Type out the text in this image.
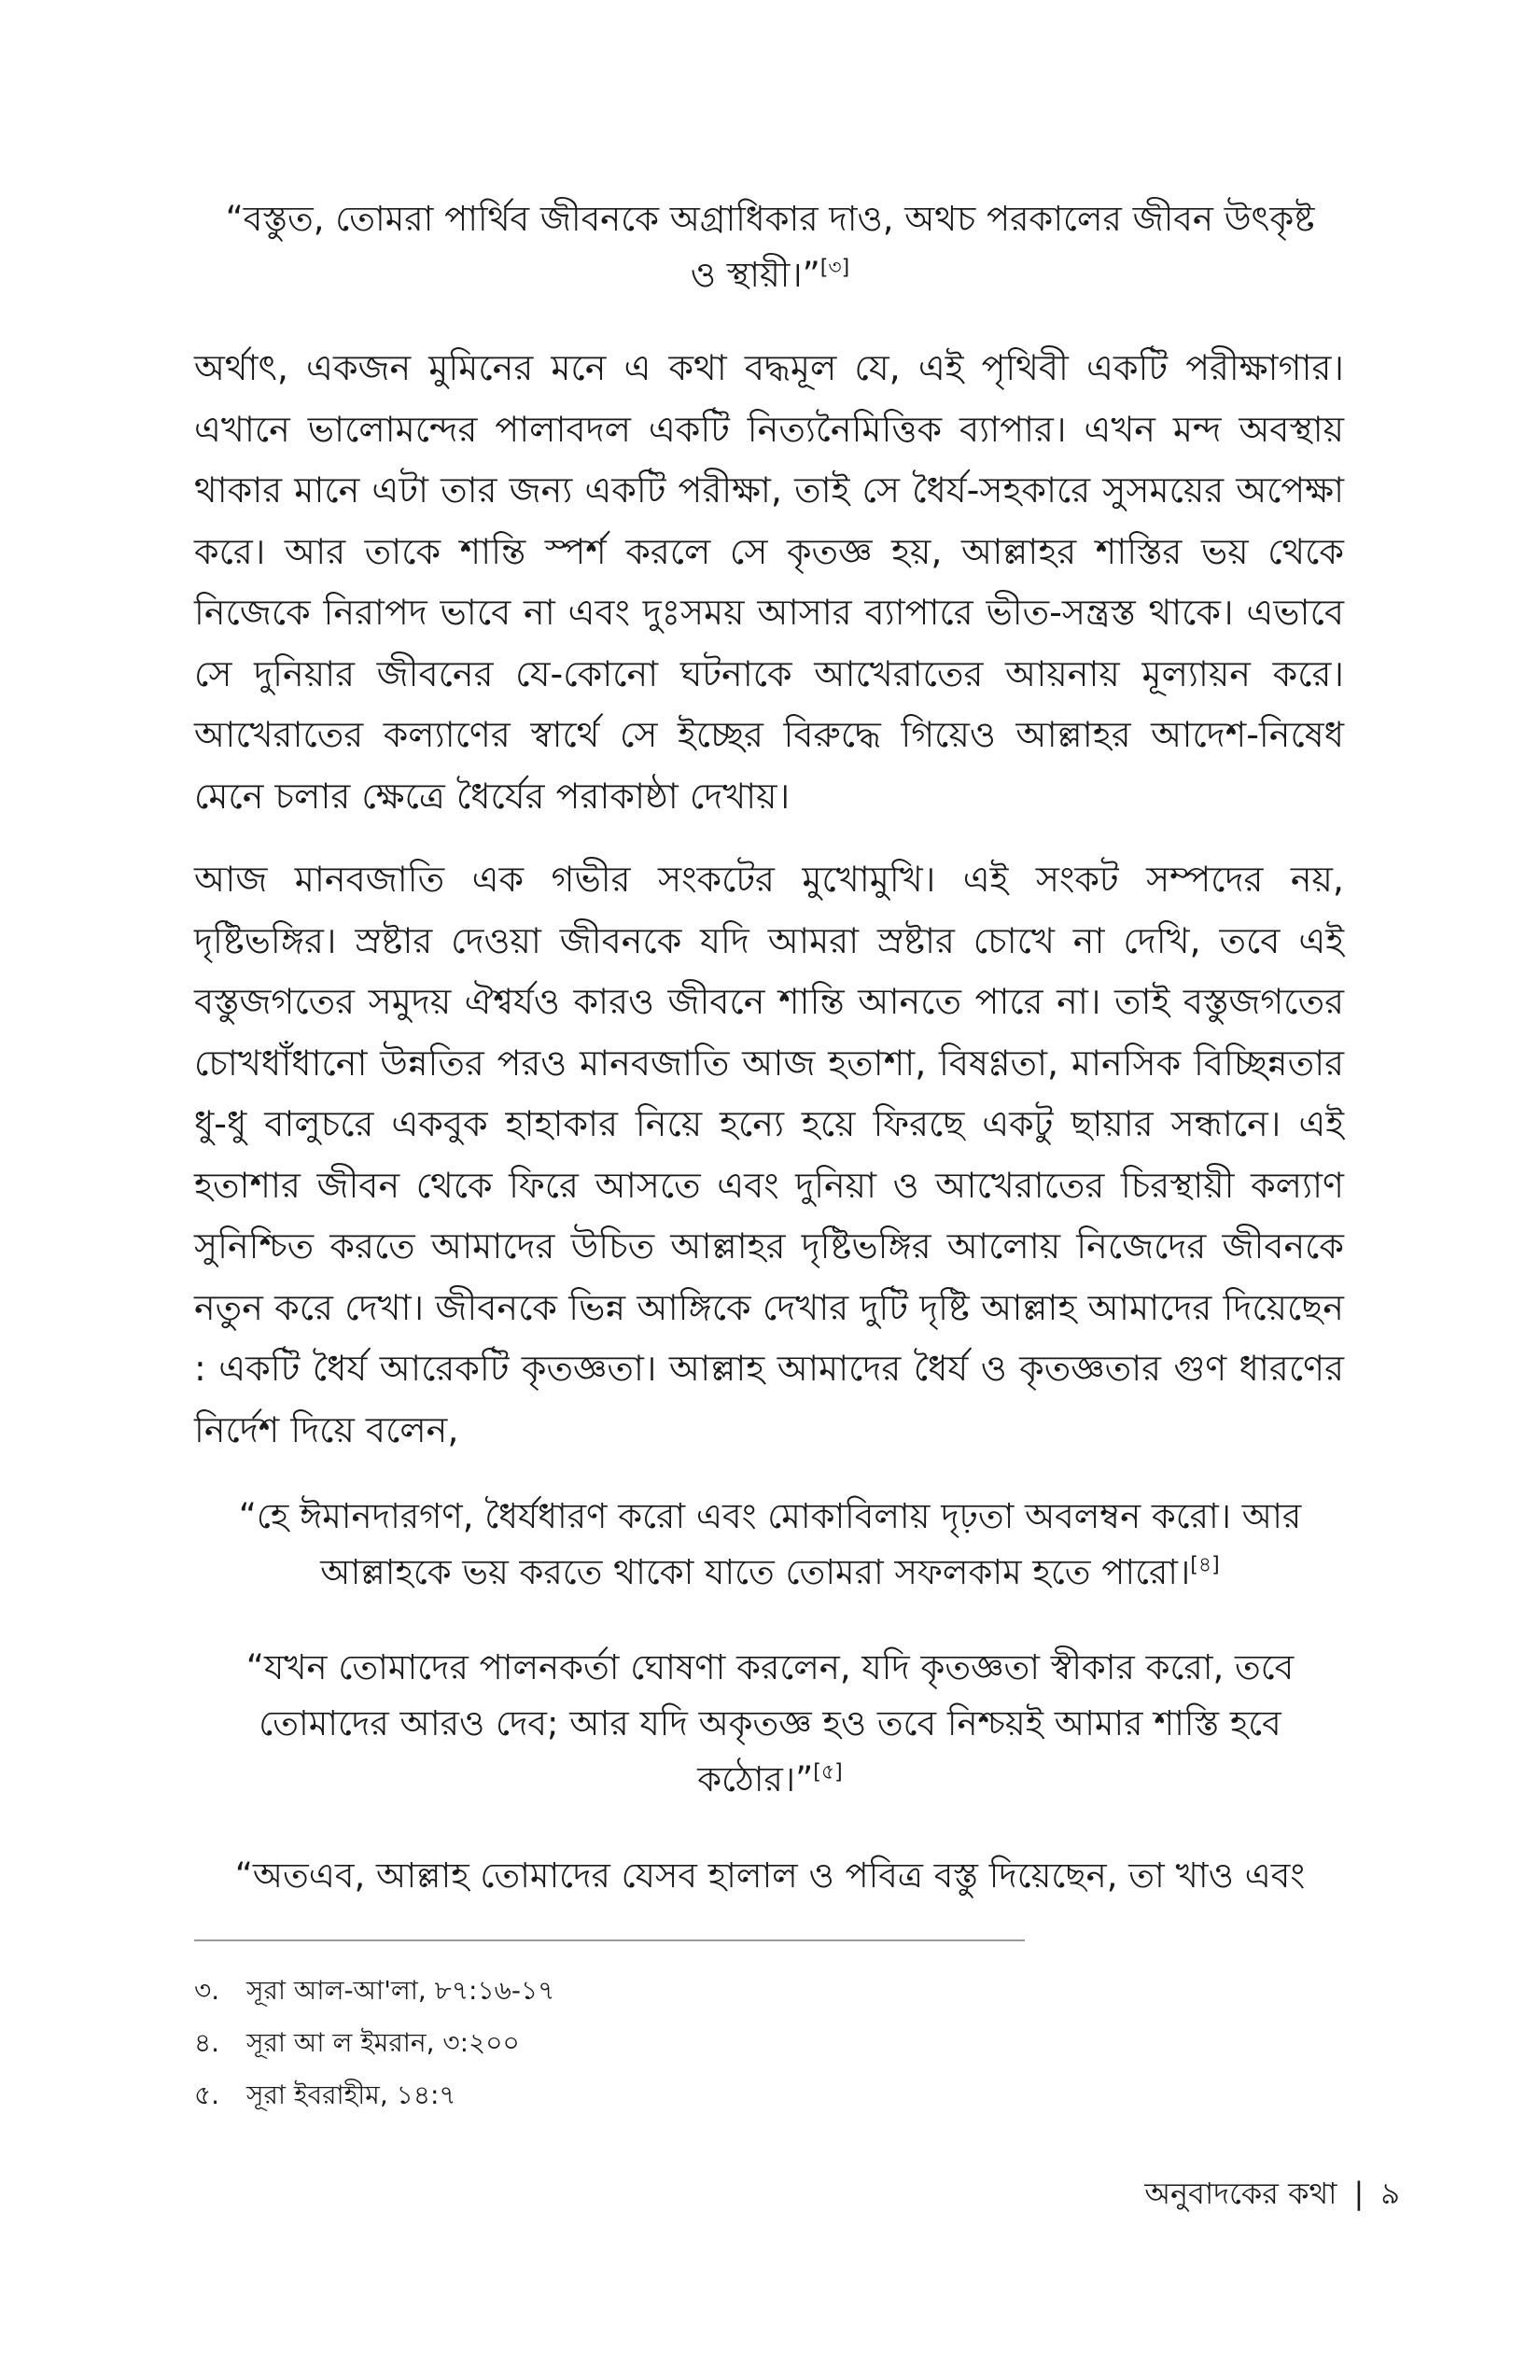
“বস্তুত, তোমরা পার্থিব জীবনকে অগ্রাধিকার দাও, অথচ পরকালের জীবন উৎকৃষ্ট ও স্থায়ী।”[৩]

অর্থাৎ, একজন মুমিনের মনে এ কথা বদ্ধমূল যে, এই পৃথিবী একটি পরীক্ষাগার। এখানে ভালোমন্দের পালাবদল একটি নিত্যনৈমিত্তিক ব্যাপার। এখন মন্দ অবস্থায় থাকার মানে এটা তার জন্য একটি পরীক্ষা, তাই সে ধৈর্য-সহকারে সুসময়ের অপেক্ষা করে। আর তাকে শান্তি স্পর্শ করলে সে কৃতজ্ঞ হয়, আল্লাহর শাস্তির ভয় থেকে নিজেকে নিরাপদ ভাবে না এবং দুঃসময় আসার ব্যাপারে ভীত-সন্ত্রস্ত থাকে। এভাবে সে দুনিয়ার জীবনের যে-কোনো ঘটনাকে আখেরাতের আয়নায় মূল্যায়ন করে। আখেরাতের কল্যাণের স্বার্থে সে ইচ্ছের বিরুদ্ধে গিয়েও আল্লাহর আদেশ-নিষেধ মেনে চলার ক্ষেত্রে ধৈর্যের পরাকাষ্ঠা দেখায়।

আজ মানবজাতি এক গভীর সংকটের মুখোমুখি। এই সংকট সম্পদের নয়, দৃষ্টিভঙ্গির। স্রষ্টার দেওয়া জীবনকে যদি আমরা স্রষ্টার চোখে না দেখি, তবে এই বস্তুজগতের সমুদয় ঐশ্বর্যও কারও জীবনে শান্তি আনতে পারে না। তাই বস্তুজগতের চোখধাঁধানো উন্নতির পরও মানবজাতি আজ হতাশা, বিষণ্ণতা, মানসিক বিচ্ছিন্নতার ধু-ধু বালুচরে একবুক হাহাকার নিয়ে হন্যে হয়ে ফিরছে একটু ছায়ার সন্ধানে। এই হতাশার জীবন থেকে ফিরে আসতে এবং দুনিয়া ও আখেরাতের চিরস্থায়ী কল্যাণ সুনিশ্চিত করতে আমাদের উচিত আল্লাহর দৃষ্টিভঙ্গির আলোয় নিজেদের জীবনকে নতুন করে দেখা। জীবনকে ভিন্ন আঙ্গিকে দেখার দুটি দৃষ্টি আল্লাহ আমাদের দিয়েছেন : একটি ধৈর্য আরেকটি কৃতজ্ঞতা। আল্লাহ আমাদের ধৈর্য ও কৃতজ্ঞতার গুণ ধারণের নির্দেশ দিয়ে বলেন,

“হে ঈমানদারগণ, ধৈর্যধারণ করো এবং মোকাবিলায় দৃঢ়তা অবলম্বন করো। আর আল্লাহকে ভয় করতে থাকো যাতে তোমরা সফলকাম হতে পারো।[৪]

“যখন তোমাদের পালনকর্তা ঘোষণা করলেন, যদি কৃতজ্ঞতা স্বীকার করো, তবে তোমাদের আরও দেব; আর যদি অকৃতজ্ঞ হও তবে নিশ্চয়ই আমার শাস্তি হবে কঠোর।”[৫]

“অতএব, আল্লাহ তোমাদের যেসব হালাল ও পবিত্র বস্তু দিয়েছেন, তা খাও এবং

৩. সূরা আল-আ'লা, ৮৭:১৬-১৭
৪. সূরা আ ল ইমরান, ৩:২০০
৫. সূরা ইবরাহীম, ১৪:৭
অনুবাদকের কথা | ৯
